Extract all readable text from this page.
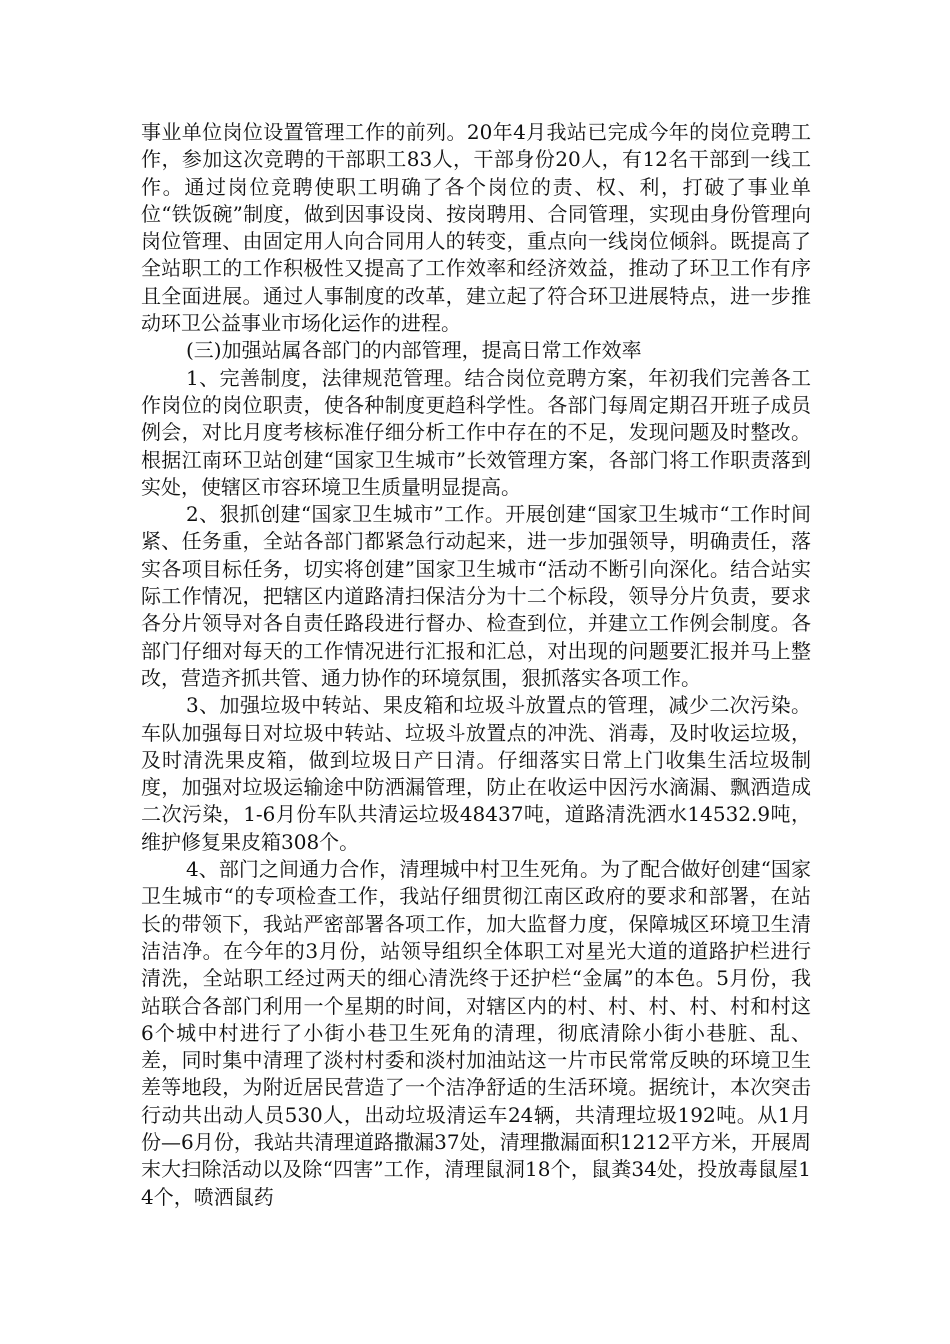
事业单位岗位设置管理工作的前列。20年4月我站已完成今年的岗位竞聘工作，参加这次竞聘的干部职工83人，干部身份20人，有12名干部到一线工作。通过岗位竞聘使职工明确了各个岗位的责、权、利，打破了事业单位“铁饭碗”制度，做到因事设岗、按岗聘用、合同管理，实现由身份管理向岗位管理、由固定用人向合同用人的转变，重点向一线岗位倾斜。既提高了全站职工的工作积极性又提高了工作效率和经济效益，推动了环卫工作有序且全面进展。通过人事制度的改革，建立起了符合环卫进展特点，进一步推动环卫公益事业市场化运作的进程。

(三)加强站属各部门的内部管理，提高日常工作效率

1、完善制度，法律规范管理。结合岗位竞聘方案，年初我们完善各工作岗位的岗位职责，使各种制度更趋科学性。各部门每周定期召开班子成员例会，对比月度考核标准仔细分析工作中存在的不足，发现问题及时整改。根据江南环卫站创建“国家卫生城市”长效管理方案，各部门将工作职责落到实处，使辖区市容环境卫生质量明显提高。

2、狠抓创建“国家卫生城市”工作。开展创建“国家卫生城市“工作时间紧、任务重，全站各部门都紧急行动起来，进一步加强领导，明确责任，落实各项目标任务，切实将创建”国家卫生城市“活动不断引向深化。结合站实际工作情况，把辖区内道路清扫保洁分为十二个标段，领导分片负责，要求各分片领导对各自责任路段进行督办、检查到位，并建立工作例会制度。各部门仔细对每天的工作情况进行汇报和汇总，对出现的问题要汇报并马上整改，营造齐抓共管、通力协作的环境氛围，狠抓落实各项工作。

3、加强垃圾中转站、果皮箱和垃圾斗放置点的管理，减少二次污染。车队加强每日对垃圾中转站、垃圾斗放置点的冲洗、消毒，及时收运垃圾，及时清洗果皮箱，做到垃圾日产日清。仔细落实日常上门收集生活垃圾制度，加强对垃圾运输途中防洒漏管理，防止在收运中因污水滴漏、飘洒造成二次污染，1-6月份车队共清运垃圾48437吨，道路清洗洒水14532.9吨，维护修复果皮箱308个。

4、部门之间通力合作，清理城中村卫生死角。为了配合做好创建“国家卫生城市“的专项检查工作，我站仔细贯彻江南区政府的要求和部署，在站长的带领下，我站严密部署各项工作，加大监督力度，保障城区环境卫生清洁洁净。在今年的3月份，站领导组织全体职工对星光大道的道路护栏进行清洗，全站职工经过两天的细心清洗终于还护栏“金属”的本色。5月份，我站联合各部门利用一个星期的时间，对辖区内的村、村、村、村、村和村这6个城中村进行了小街小巷卫生死角的清理，彻底清除小街小巷脏、乱、差，同时集中清理了淡村村委和淡村加油站这一片市民常常反映的环境卫生差等地段，为附近居民营造了一个洁净舒适的生活环境。据统计，本次突击行动共出动人员530人，出动垃圾清运车24辆，共清理垃圾192吨。从1月份—6月份，我站共清理道路撒漏37处，清理撒漏面积1212平方米，开展周末大扫除活动以及除“四害”工作，清理鼠洞18个，鼠粪34处，投放毒鼠屋14个，喷洒鼠药
